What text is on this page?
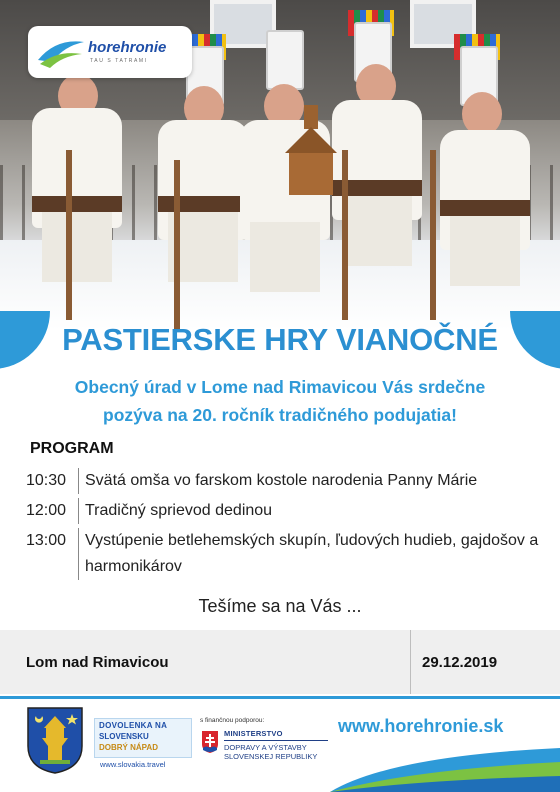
horehronie
TAU S TATRAMI
PASTIERSKE HRY VIANOČNÉ
Obecný úrad v Lome nad Rimavicou Vás srdečne
pozýva na 20. ročník tradičného podujatia!
PROGRAM
10:30	Svätá omša vo farskom kostole narodenia Panny Márie
12:00	Tradičný sprievod dedinou
13:00	Vystúpenie betlehemských skupín, ľudových hudieb, gajdošov a harmonikárov
Tešíme sa na Vás ...
Lom nad Rimavicou	29.12.2019
DOVOLENKA NA
SLOVENSKU
DOBRÝ NÁPAD
www.slovakia.travel
s finančnou podporou:
MINISTERSTVO
DOPRAVY A VÝSTAVBY
SLOVENSKEJ REPUBLIKY
www.horehronie.sk
